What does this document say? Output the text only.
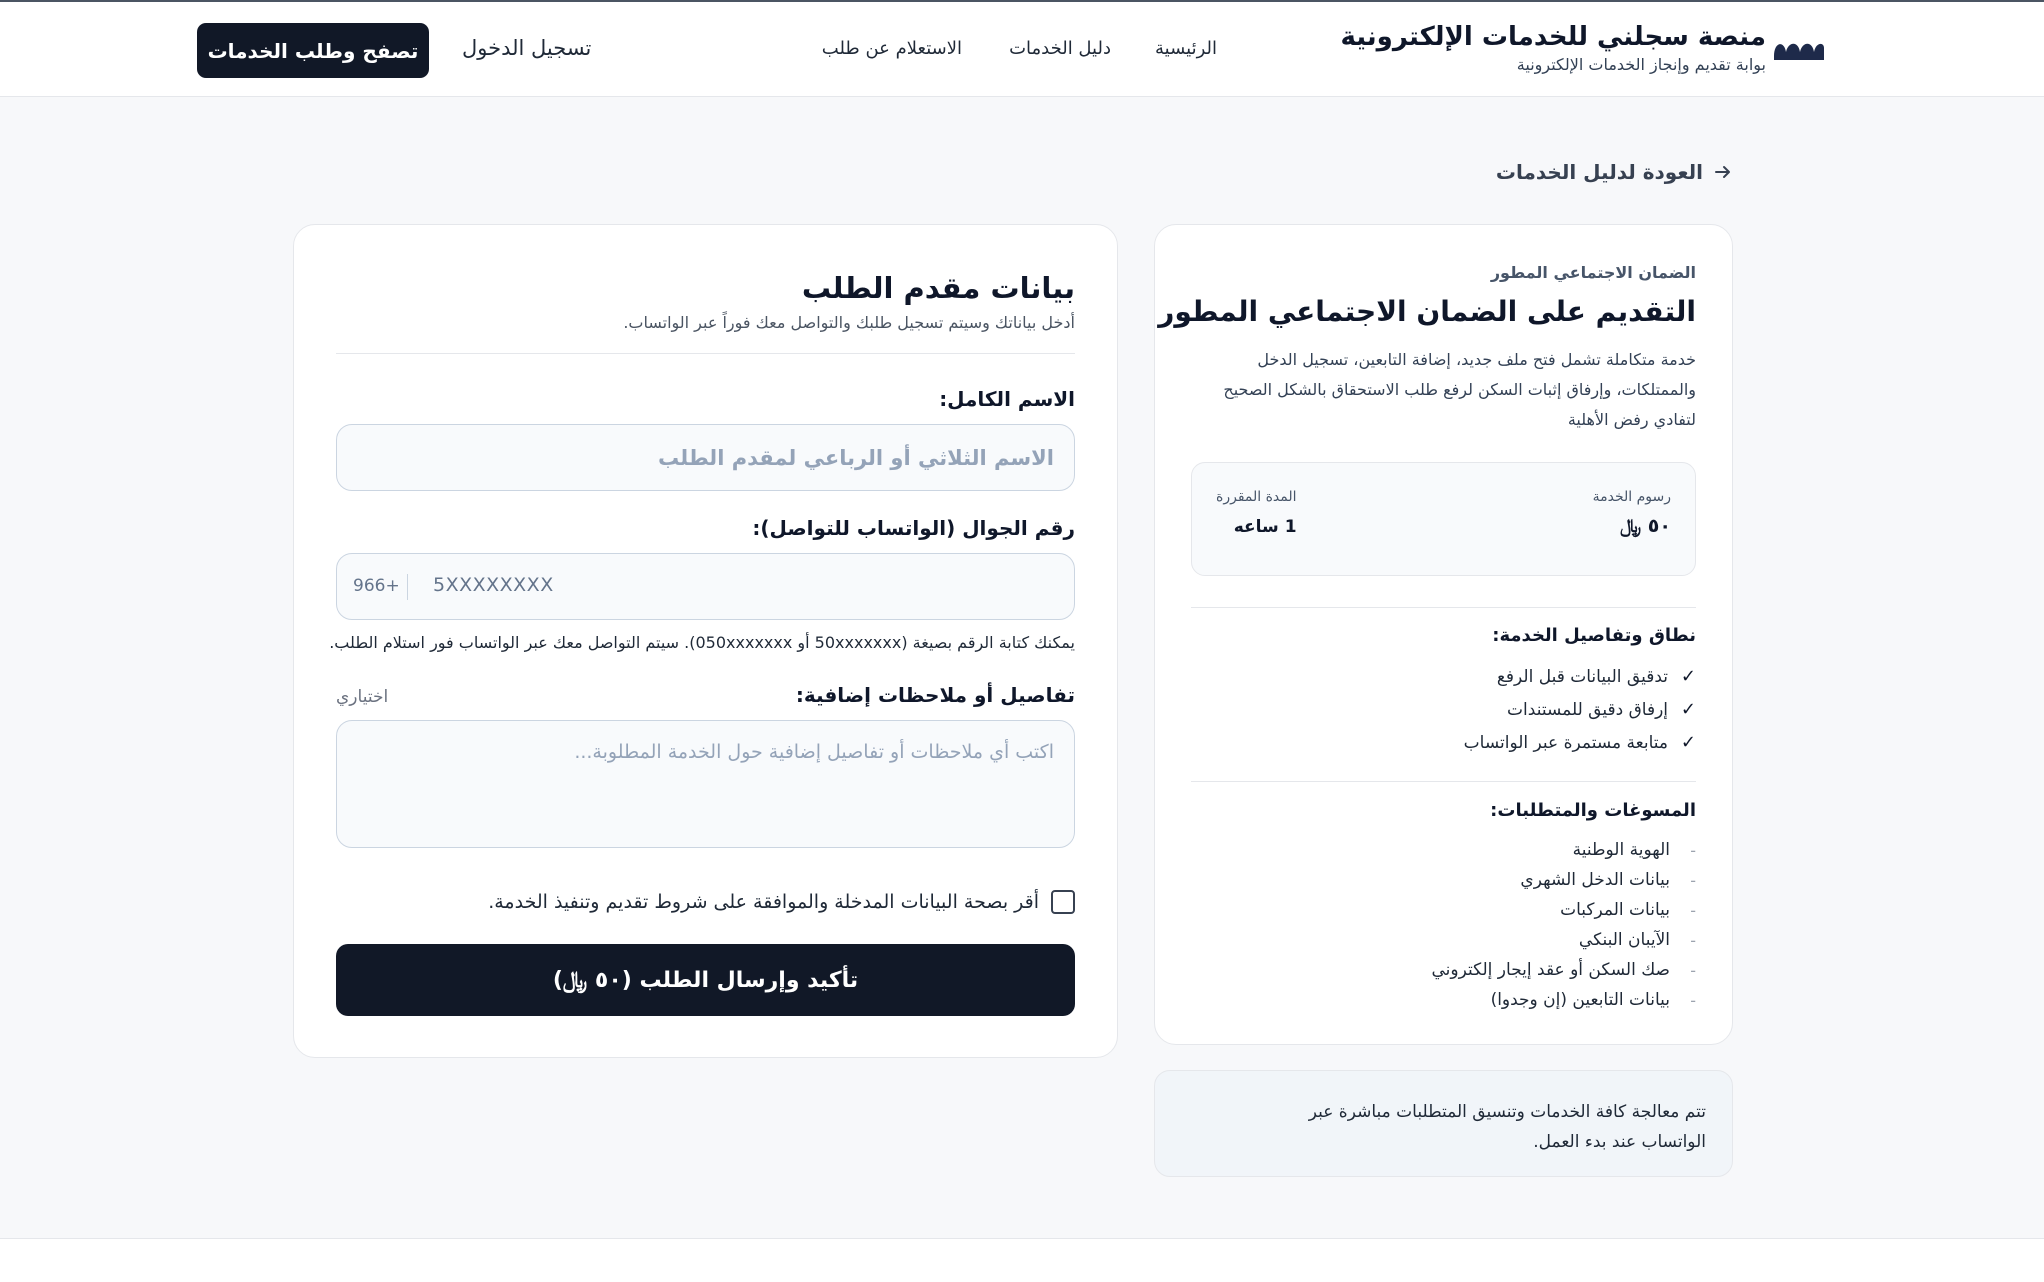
منصة سجلني للخدمات الإلكترونية
بوابة تقديم وإنجاز الخدمات الإلكترونية
الرئيسية
دليل الخدمات
الاستعلام عن طلب
تسجيل الدخول
تصفح وطلب الخدمات
العودة لدليل الخدمات
الضمان الاجتماعي المطور
التقديم على الضمان الاجتماعي المطور
خدمة متكاملة تشمل فتح ملف جديد، إضافة التابعين، تسجيل الدخل والممتلكات، وإرفاق إثبات السكن لرفع طلب الاستحقاق بالشكل الصحيح لتفادي رفض الأهلية
رسوم الخدمة
٥٠ ﷼
المدة المقررة
1 ساعه
نطاق وتفاصيل الخدمة:
✓
تدقيق البيانات قبل الرفع
✓
إرفاق دقيق للمستندات
✓
متابعة مستمرة عبر الواتساب
المسوغات والمتطلبات:
-
الهوية الوطنية
-
بيانات الدخل الشهري
-
بيانات المركبات
-
الآيبان البنكي
-
صك السكن أو عقد إيجار إلكتروني
-
بيانات التابعين (إن وجدوا)
تتم معالجة كافة الخدمات وتنسيق المتطلبات مباشرة عبر الواتساب عند بدء العمل.
بيانات مقدم الطلب
أدخل بياناتك وسيتم تسجيل طلبك والتواصل معك فوراً عبر الواتساب.
الاسم الكامل:
الاسم الثلاثي أو الرباعي لمقدم الطلب
رقم الجوال (الواتساب للتواصل):
966+ 5XXXXXXXX
يمكنك كتابة الرقم بصيغة (50xxxxxxx أو 050xxxxxxx). سيتم التواصل معك عبر الواتساب فور استلام الطلب.
تفاصيل أو ملاحظات إضافية:
اختياري
اكتب أي ملاحظات أو تفاصيل إضافية حول الخدمة المطلوبة...
أقر بصحة البيانات المدخلة والموافقة على شروط تقديم وتنفيذ الخدمة.
تأكيد وإرسال الطلب (٥٠ ﷼)
